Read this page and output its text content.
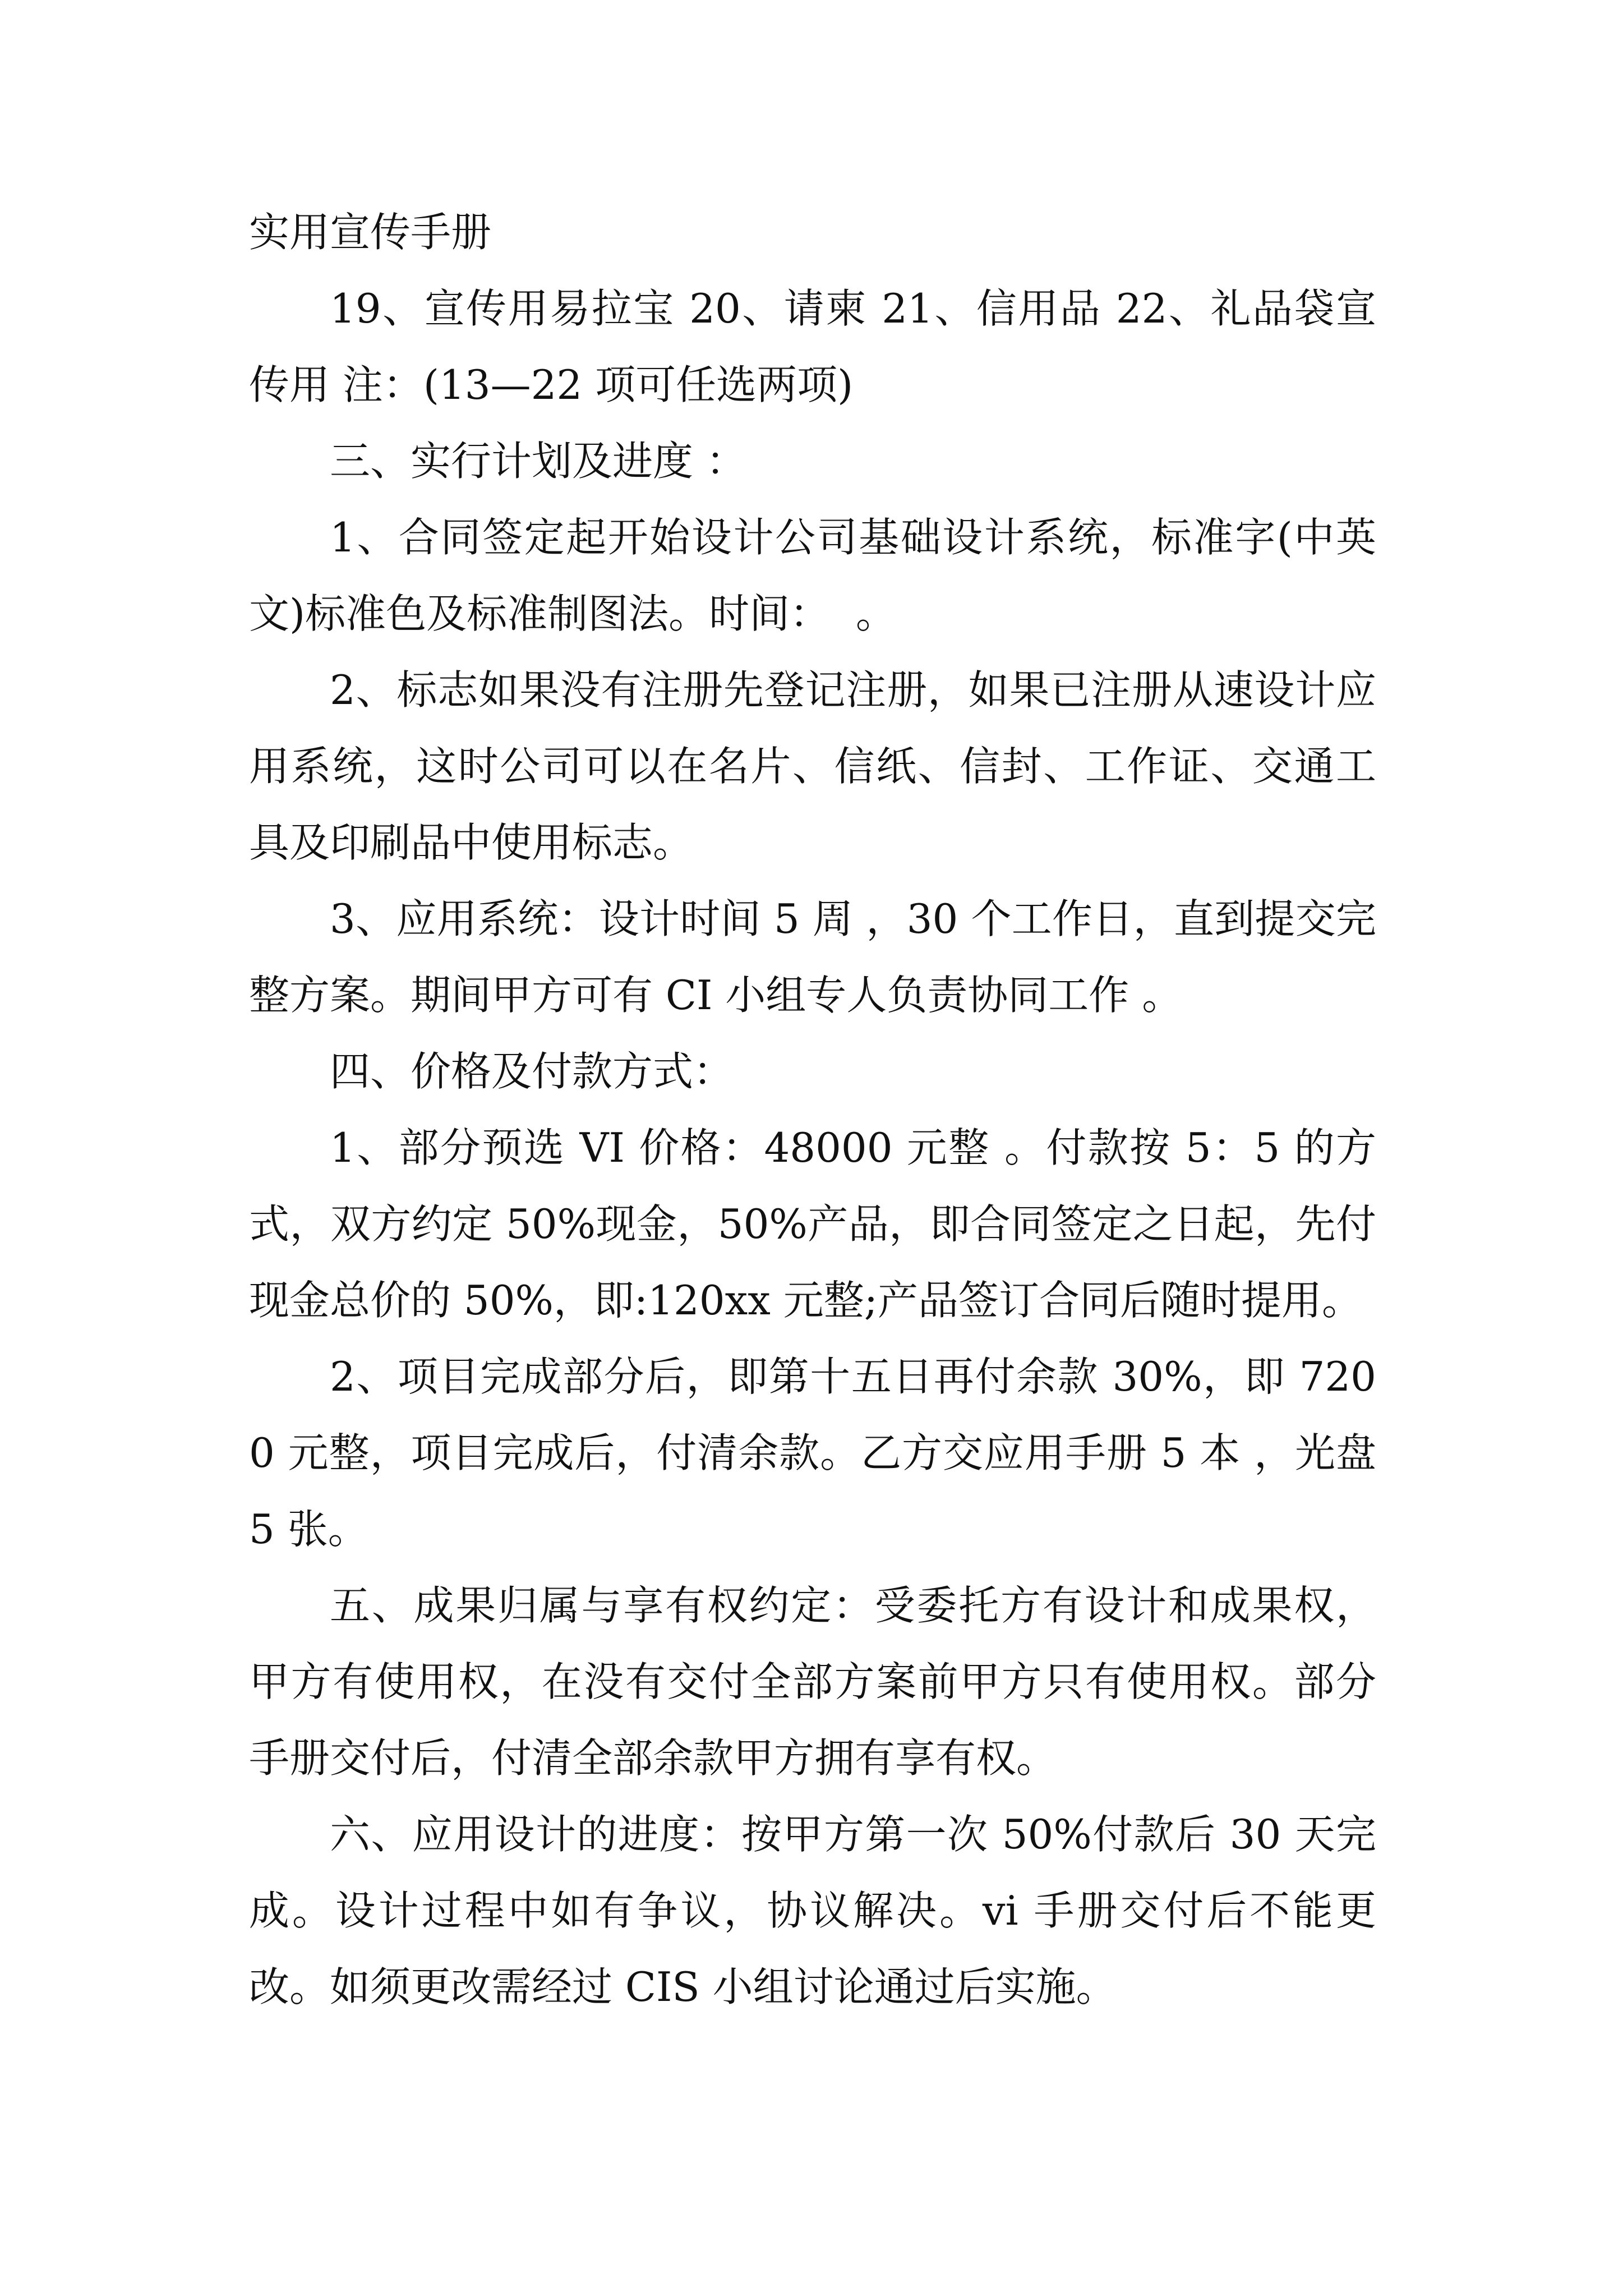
实用宣传手册

19、宣传用易拉宝 20、请柬 21、信用品 22、礼品袋宣传用 注：(13—22 项可任选两项)

三、实行计划及进度 ：

1、合同签定起开始设计公司基础设计系统，标准字(中英文)标准色及标准制图法。时间：  。

2、标志如果没有注册先登记注册，如果已注册从速设计应用系统，这时公司可以在名片、信纸、信封、工作证、交通工具及印刷品中使用标志。

3、应用系统：设计时间 5 周 ，30 个工作日，直到提交完整方案。期间甲方可有 CI 小组专人负责协同工作 。

四、价格及付款方式：

1、部分预选 VI 价格：48000 元整 。付款按 5：5 的方式，双方约定 50%现金，50%产品，即合同签定之日起，先付现金总价的 50%，即:120xx 元整;产品签订合同后随时提用。

2、项目完成部分后，即第十五日再付余款 30%，即 7200 元整，项目完成后，付清余款。乙方交应用手册 5 本 ，光盘 5 张。

五、成果归属与享有权约定：受委托方有设计和成果权，甲方有使用权，在没有交付全部方案前甲方只有使用权。部分手册交付后，付清全部余款甲方拥有享有权。

六、应用设计的进度：按甲方第一次 50%付款后 30 天完成。设计过程中如有争议，协议解决。vi 手册交付后不能更改。如须更改需经过 CIS 小组讨论通过后实施。
